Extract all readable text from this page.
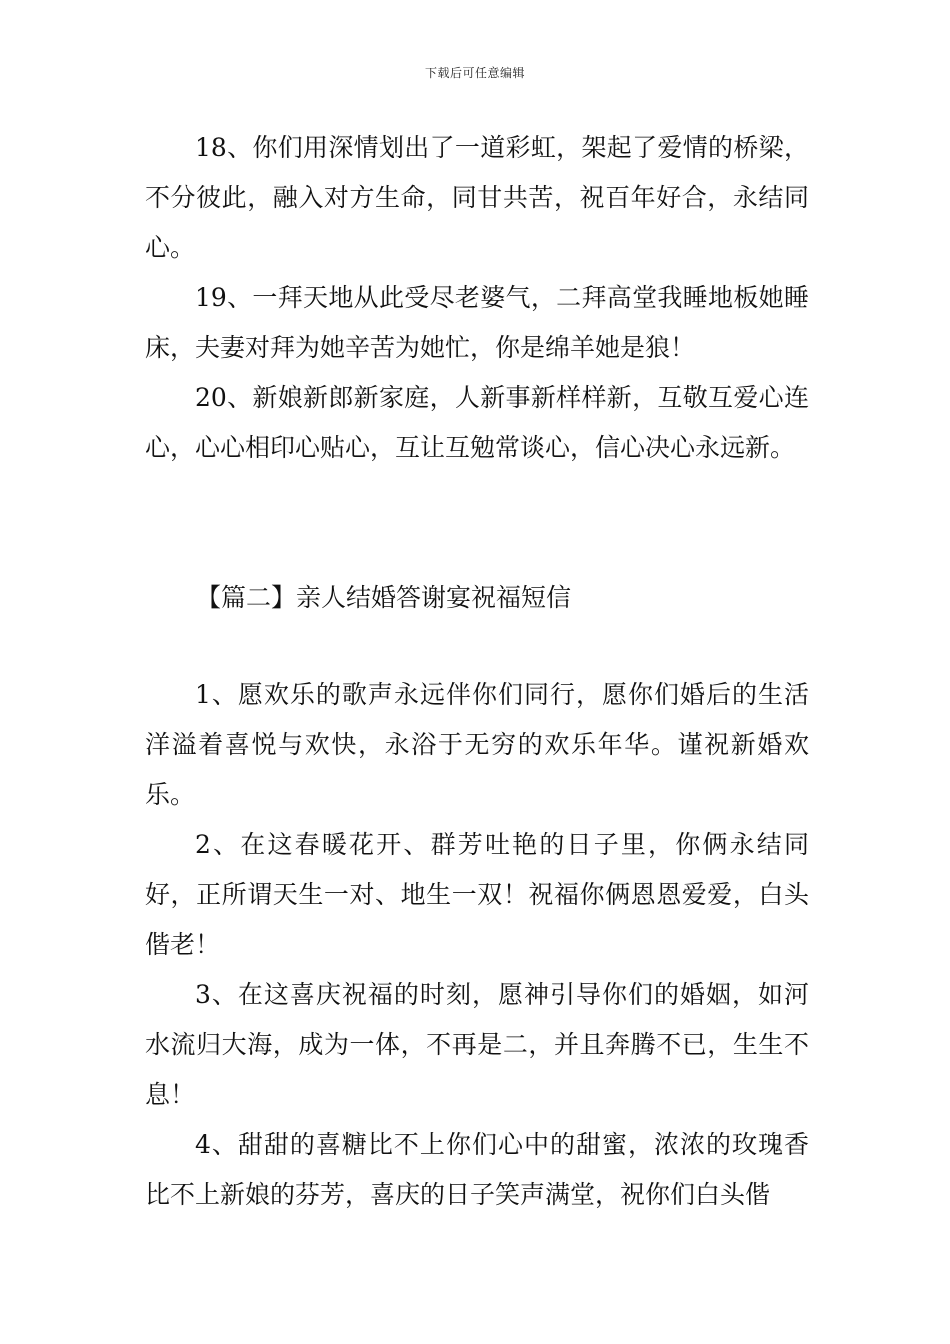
下载后可任意编辑

18、你们用深情划出了一道彩虹，架起了爱情的桥梁，不分彼此，融入对方生命，同甘共苦，祝百年好合，永结同心。

19、一拜天地从此受尽老婆气，二拜高堂我睡地板她睡床，夫妻对拜为她辛苦为她忙，你是绵羊她是狼！

20、新娘新郎新家庭，人新事新样样新，互敬互爱心连心，心心相印心贴心，互让互勉常谈心，信心决心永远新。

【篇二】亲人结婚答谢宴祝福短信

1、愿欢乐的歌声永远伴你们同行，愿你们婚后的生活洋溢着喜悦与欢快，永浴于无穷的欢乐年华。谨祝新婚欢乐。

2、在这春暖花开、群芳吐艳的日子里，你俩永结同好，正所谓天生一对、地生一双！祝福你俩恩恩爱爱，白头偕老！

3、在这喜庆祝福的时刻，愿神引导你们的婚姻，如河水流归大海，成为一体，不再是二，并且奔腾不已，生生不息！

4、甜甜的喜糖比不上你们心中的甜蜜，浓浓的玫瑰香比不上新娘的芬芳，喜庆的日子笑声满堂，祝你们白头偕
